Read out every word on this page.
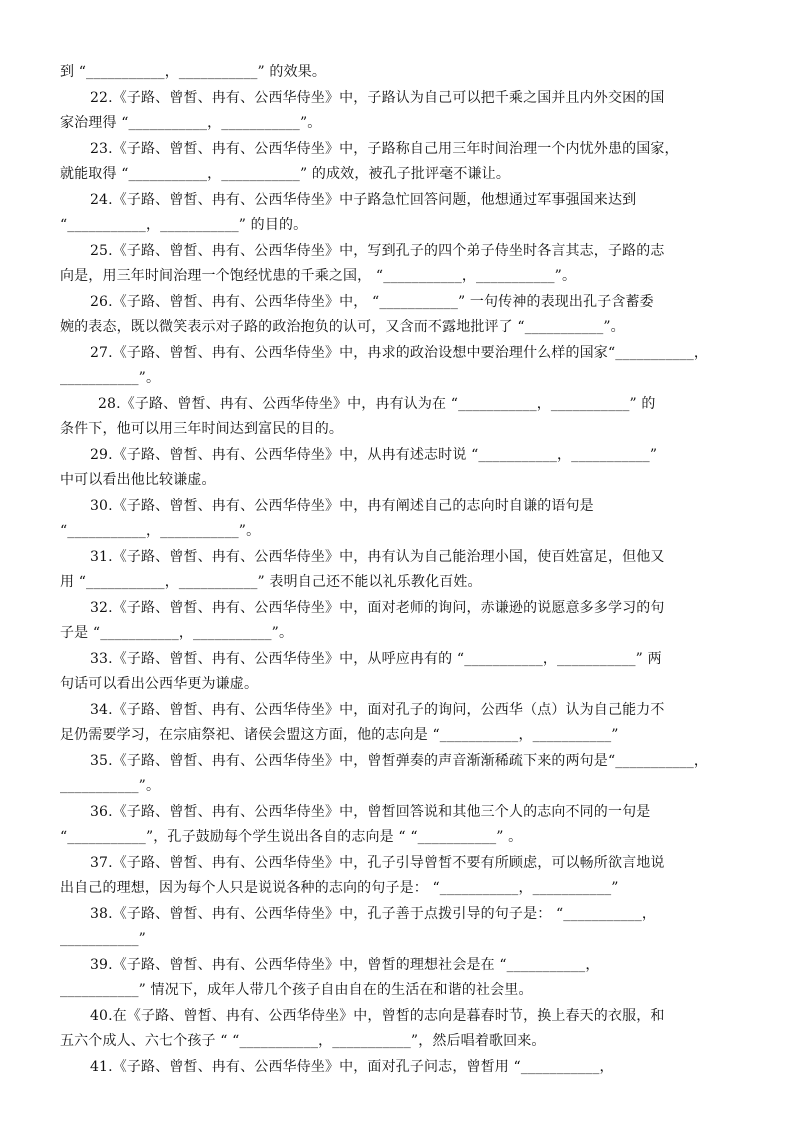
到 “___________，___________” 的效果。
22.《子路、曾皙、冉有、公西华侍坐》中，子路认为自己可以把千乘之国并且内外交困的国
家治理得 “___________，___________”。
23.《子路、曾皙、冉有、公西华侍坐》中，子路称自己用三年时间治理一个内忧外患的国家，
就能取得 “___________，___________” 的成效，被孔子批评毫不谦让。
24.《子路、曾皙、冉有、公西华侍坐》中子路急忙回答问题，他想通过军事强国来达到
“___________，___________” 的目的。
25.《子路、曾皙、冉有、公西华侍坐》中，写到孔子的四个弟子侍坐时各言其志，子路的志
向是，用三年时间治理一个饱经忧患的千乘之国， “___________，___________”。
26.《子路、曾皙、冉有、公西华侍坐》中， “___________” 一句传神的表现出孔子含蓄委
婉的表态，既以微笑表示对子路的政治抱负的认可，又含而不露地批评了 “___________”。
27.《子路、曾皙、冉有、公西华侍坐》中，冉求的政治设想中要治理什么样的国家“___________，
___________”。
28.《子路、曾皙、冉有、公西华侍坐》中，冉有认为在 “___________，___________” 的
条件下，他可以用三年时间达到富民的目的。
29.《子路、曾皙、冉有、公西华侍坐》中，从冉有述志时说 “___________，___________”
中可以看出他比较谦虚。
30.《子路、曾皙、冉有、公西华侍坐》中，冉有阐述自己的志向时自谦的语句是
“___________，___________”。
31.《子路、曾皙、冉有、公西华侍坐》中，冉有认为自己能治理小国，使百姓富足，但他又
用 “___________，___________” 表明自己还不能以礼乐教化百姓。
32.《子路、曾皙、冉有、公西华侍坐》中，面对老师的询问，赤谦逊的说愿意多多学习的句
子是 “___________，___________”。
33.《子路、曾皙、冉有、公西华侍坐》中，从呼应冉有的 “___________，___________” 两
句话可以看出公西华更为谦虚。
34.《子路、曾皙、冉有、公西华侍坐》中，面对孔子的询问，公西华（点）认为自己能力不
足仍需要学习，在宗庙祭祀、诸侯会盟这方面，他的志向是 “___________，___________”
35.《子路、曾皙、冉有、公西华侍坐》中，曾皙弹奏的声音渐渐稀疏下来的两句是“___________，
___________”。
36.《子路、曾皙、冉有、公西华侍坐》中，曾皙回答说和其他三个人的志向不同的一句是
“___________”，孔子鼓励每个学生说出各自的志向是 “ “___________” 。
37.《子路、曾皙、冉有、公西华侍坐》中，孔子引导曾皙不要有所顾虑，可以畅所欲言地说
出自己的理想，因为每个人只是说说各种的志向的句子是： “___________，___________”
38.《子路、曾皙、冉有、公西华侍坐》中，孔子善于点拨引导的句子是： “___________，
___________”
39.《子路、曾皙、冉有、公西华侍坐》中，曾皙的理想社会是在 “___________，
___________” 情况下，成年人带几个孩子自由自在的生活在和谐的社会里。
40.在《子路、曾皙、冉有、公西华侍坐》中，曾皙的志向是暮春时节，换上春天的衣服，和
五六个成人、六七个孩子 “ “___________，___________”，然后唱着歌回来。
41.《子路、曾皙、冉有、公西华侍坐》中，面对孔子问志，曾皙用 “___________，
